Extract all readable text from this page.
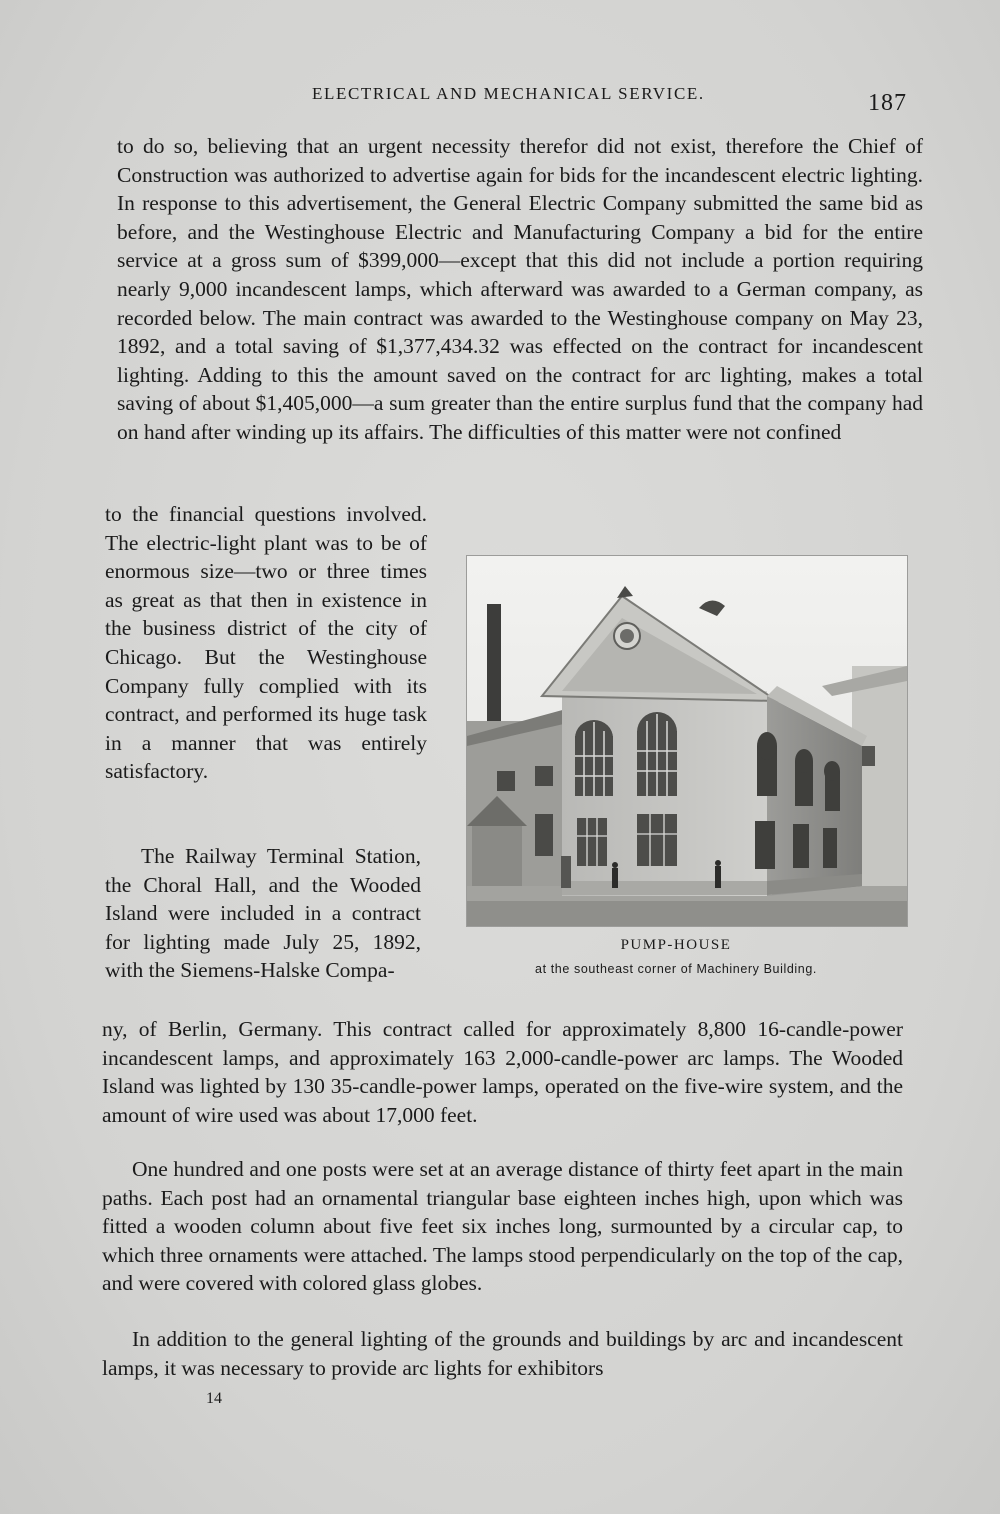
ELECTRICAL AND MECHANICAL SERVICE.	187

to do so, believing that an urgent necessity therefor did not exist, therefore the Chief of Construction was authorized to advertise again for bids for the incandescent electric lighting. In response to this advertisement, the General Electric Company submitted the same bid as before, and the Westinghouse Electric and Manufacturing Company a bid for the entire service at a gross sum of $399,000—except that this did not include a portion requiring nearly 9,000 incandescent lamps, which afterward was awarded to a German company, as recorded below. The main contract was awarded to the Westinghouse company on May 23, 1892, and a total saving of $1,377,434.32 was effected on the contract for incandescent lighting. Adding to this the amount saved on the contract for arc lighting, makes a total saving of about $1,405,000—a sum greater than the entire surplus fund that the company had on hand after winding up its affairs. The difficulties of this matter were not confined

to the financial questions involved. The electric-light plant was to be of enormous size—two or three times as great as that then in existence in the business district of the city of Chicago. But the Westinghouse Company fully complied with its contract, and performed its huge task in a manner that was entirely satisfactory.

The Railway Terminal Station, the Choral Hall, and the Wooded Island were included in a contract for lighting made July 25, 1892, with the Siemens-Halske Compa-

PUMP-HOUSE
at the southeast corner of Machinery Building.

ny, of Berlin, Germany. This contract called for approximately 8,800 16-candle-power incandescent lamps, and approximately 163 2,000-candle-power arc lamps. The Wooded Island was lighted by 130 35-candle-power lamps, operated on the five-wire system, and the amount of wire used was about 17,000 feet.

One hundred and one posts were set at an average distance of thirty feet apart in the main paths. Each post had an ornamental triangular base eighteen inches high, upon which was fitted a wooden column about five feet six inches long, surmounted by a circular cap, to which three ornaments were attached. The lamps stood perpendicularly on the top of the cap, and were covered with colored glass globes.

In addition to the general lighting of the grounds and buildings by arc and incandescent lamps, it was necessary to provide arc lights for exhibitors

14
